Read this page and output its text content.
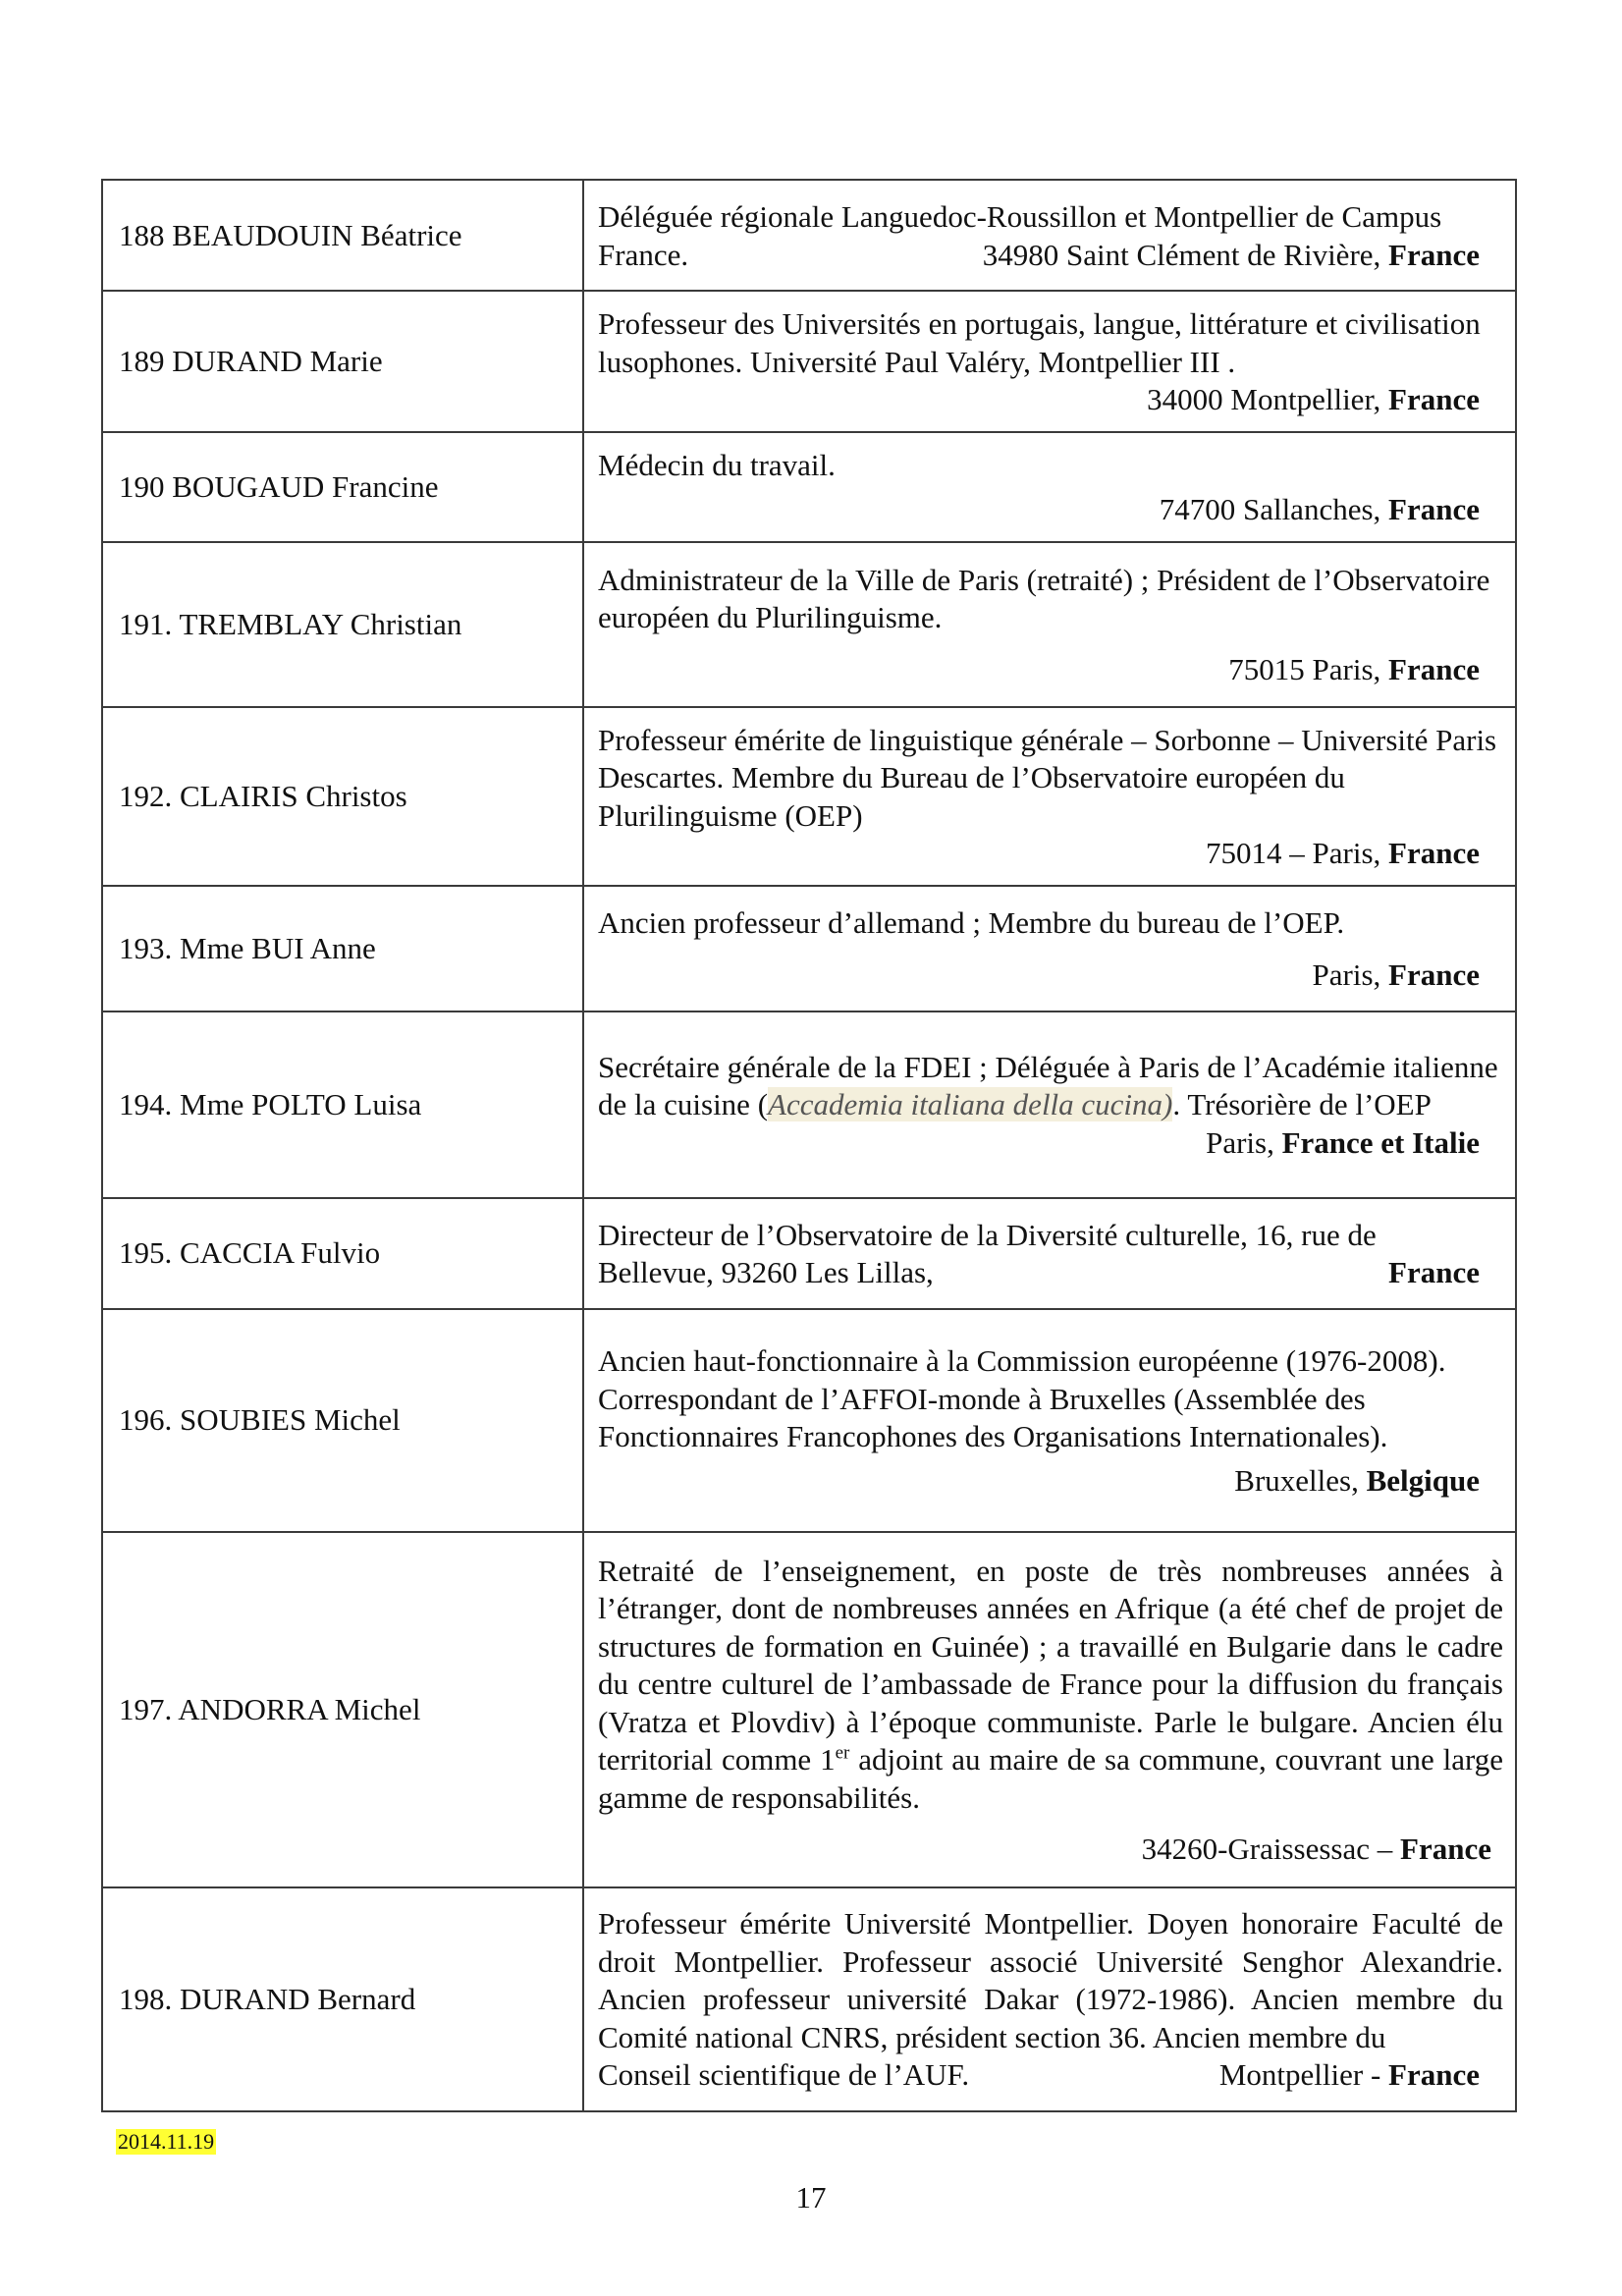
188 BEAUDOUIN Béatrice	Déléguée régionale Languedoc-Roussillon et Montpellier de Campus
France. 34980 Saint Clément de Rivière, France

189 DURAND Marie	Professeur des Universités en portugais, langue, littérature et civilisation lusophones. Université Paul Valéry, Montpellier III .
34000 Montpellier, France

190 BOUGAUD Francine	Médecin du travail.
74700 Sallanches, France

191. TREMBLAY Christian	Administrateur de la Ville de Paris (retraité) ; Président de l’Observatoire européen du Plurilinguisme.
75015 Paris, France

192. CLAIRIS Christos	Professeur émérite de linguistique générale – Sorbonne – Université Paris Descartes. Membre du Bureau de l’Observatoire européen du Plurilinguisme (OEP)
75014 – Paris, France

193. Mme BUI Anne	Ancien professeur d’allemand ; Membre du bureau de l’OEP.
Paris, France

194. Mme POLTO Luisa	Secrétaire générale de la FDEI ; Déléguée à Paris de l’Académie italienne de la cuisine (Accademia italiana della cucina). Trésorière de l’OEP
Paris, France et Italie

195. CACCIA Fulvio	Directeur de l’Observatoire de la Diversité culturelle, 16, rue de
Bellevue, 93260 Les Lillas, France

196. SOUBIES Michel	Ancien haut-fonctionnaire à la Commission européenne (1976-2008). Correspondant de l’AFFOI-monde à Bruxelles (Assemblée des Fonctionnaires Francophones des Organisations Internationales).
Bruxelles, Belgique

197. ANDORRA Michel	Retraité de l’enseignement, en poste de très nombreuses années à l’étranger, dont de nombreuses années en Afrique (a été chef de projet de structures de formation en Guinée) ; a travaillé en Bulgarie dans le cadre du centre culturel de l’ambassade de France pour la diffusion du français (Vratza et Plovdiv) à l’époque communiste. Parle le bulgare. Ancien élu territorial comme 1er adjoint au maire de sa commune, couvrant une large gamme de responsabilités.
34260-Graissessac – France

198. DURAND Bernard	Professeur émérite Université Montpellier. Doyen honoraire Faculté de droit Montpellier. Professeur associé Université Senghor Alexandrie. Ancien professeur université Dakar (1972-1986). Ancien membre du Comité national CNRS, président section 36. Ancien membre du
Conseil scientifique de l’AUF. Montpellier - France
2014.11.19
17
